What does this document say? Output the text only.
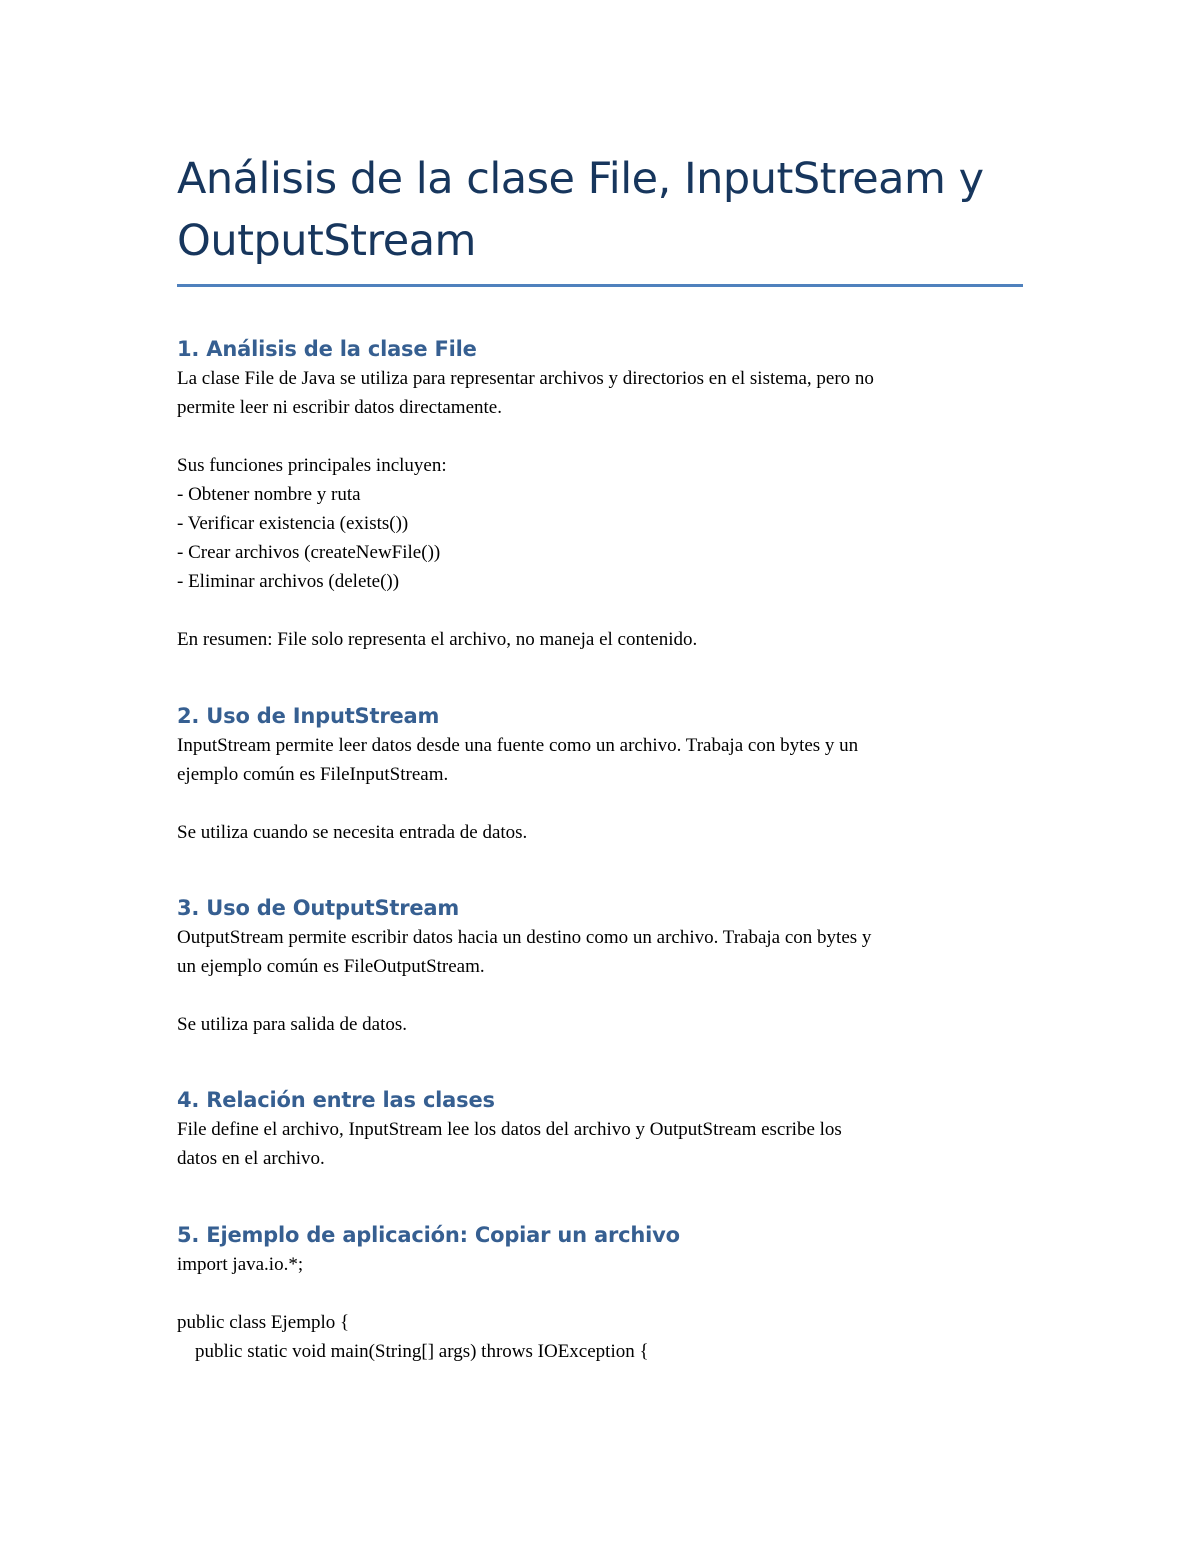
Análisis de la clase File, InputStream y
OutputStream
1. Análisis de la clase File
La clase File de Java se utiliza para representar archivos y directorios en el sistema, pero no
permite leer ni escribir datos directamente.
Sus funciones principales incluyen:
- Obtener nombre y ruta
- Verificar existencia (exists())
- Crear archivos (createNewFile())
- Eliminar archivos (delete())
En resumen: File solo representa el archivo, no maneja el contenido.
2. Uso de InputStream
InputStream permite leer datos desde una fuente como un archivo. Trabaja con bytes y un
ejemplo común es FileInputStream.
Se utiliza cuando se necesita entrada de datos.
3. Uso de OutputStream
OutputStream permite escribir datos hacia un destino como un archivo. Trabaja con bytes y
un ejemplo común es FileOutputStream.
Se utiliza para salida de datos.
4. Relación entre las clases
File define el archivo, InputStream lee los datos del archivo y OutputStream escribe los
datos en el archivo.
5. Ejemplo de aplicación: Copiar un archivo
import java.io.*;
public class Ejemplo {
public static void main(String[] args) throws IOException {
